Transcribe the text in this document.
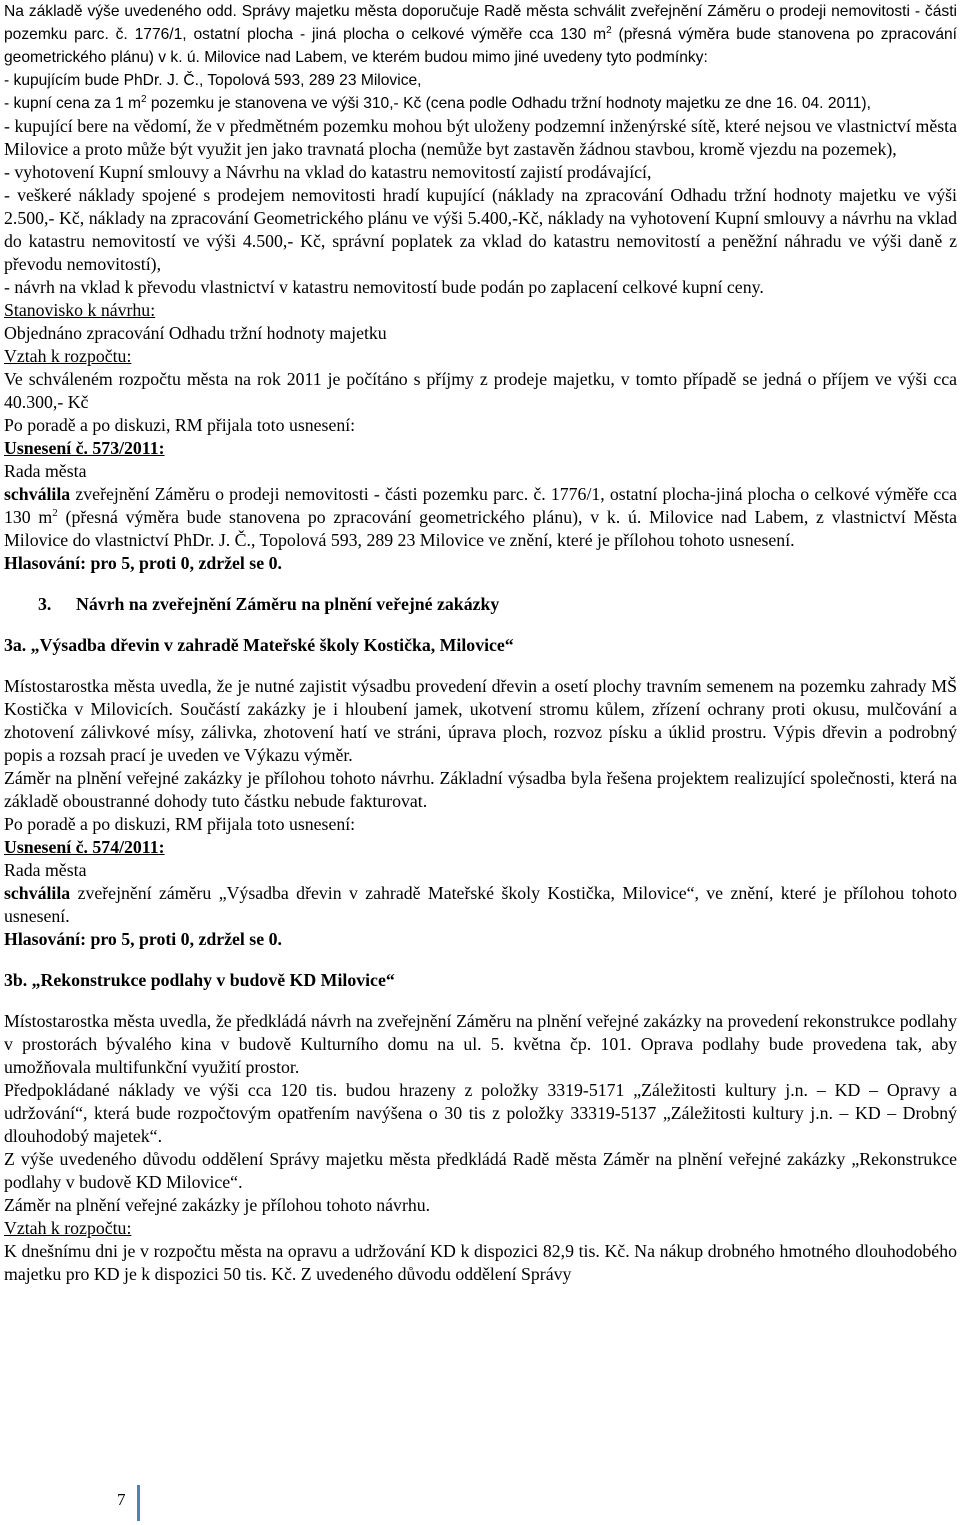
Na základě výše uvedeného odd. Správy majetku města doporučuje Radě města schválit zveřejnění Záměru o prodeji nemovitosti - části pozemku parc. č. 1776/1, ostatní plocha - jiná plocha o celkové výměře cca 130 $m^2$ (přesná výměra bude stanovena po zpracování geometrického plánu) v k. ú. Milovice nad Labem, ve kterém budou mimo jiné uvedeny tyto podmínky:

- kupujícím bude PhDr. J. Č., Topolová 593, 289 23 Milovice,

- kupní cena za 1 $m^2$ pozemku je stanovena ve výši 310,- Kč (cena podle Odhadu tržní hodnoty majetku ze dne 16. 04. 2011),

- kupující bere na vědomí, že v předmětném pozemku mohou být uloženy podzemní inženýrské sítě, které nejsou ve vlastnictví města Milovice a proto může být využit jen jako travnatá plocha (nemůže byt zastavěn žádnou stavbou, kromě vjezdu na pozemek),

- vyhotovení Kupní smlouvy a Návrhu na vklad do katastru nemovitostí zajistí prodávající,

- veškeré náklady spojené s prodejem nemovitosti hradí kupující (náklady na zpracování Odhadu tržní hodnoty majetku ve výši 2.500,- Kč, náklady na zpracování Geometrického plánu ve výši 5.400,-Kč, náklady na vyhotovení Kupní smlouvy a návrhu na vklad do katastru nemovitostí ve výši 4.500,- Kč, správní poplatek za vklad do katastru nemovitostí a peněžní náhradu ve výši daně z převodu nemovitostí),

- návrh na vklad k převodu vlastnictví v katastru nemovitostí bude podán po zaplacení celkové kupní ceny.

Stanovisko k návrhu:

Objednáno zpracování Odhadu tržní hodnoty majetku

Vztah k rozpočtu:

Ve schváleném rozpočtu města na rok 2011 je počítáno s příjmy z prodeje majetku, v tomto případě se jedná o příjem ve výši cca 40.300,- Kč

Po poradě a po diskuzi, RM přijala toto usnesení:

Usnesení č. 573/2011:

Rada města

schválila zveřejnění Záměru o prodeji nemovitosti - části pozemku parc. č. 1776/1, ostatní plocha-jiná plocha o celkové výměře cca 130 $m^2$ (přesná výměra bude stanovena po zpracování geometrického plánu), v k. ú. Milovice nad Labem, z vlastnictví Města Milovice do vlastnictví PhDr. J. Č., Topolová 593, 289 23 Milovice ve znění, které je přílohou tohoto usnesení.

Hlasování: pro 5, proti 0, zdržel se 0.

3. Návrh na zveřejnění Záměru na plnění veřejné zakázky

3a. „Výsadba dřevin v zahradě Mateřské školy Kostička, Milovice“

Místostarostka města uvedla, že je nutné zajistit výsadbu provedení dřevin a osetí plochy travním semenem na pozemku zahrady MŠ Kostička v Milovicích. Součástí zakázky je i hloubení jamek, ukotvení stromu kůlem, zřízení ochrany proti okusu, mulčování a zhotovení zálivkové mísy, zálivka, zhotovení hatí ve stráni, úprava ploch, rozvoz písku a úklid prostru. Výpis dřevin a podrobný popis a rozsah prací je uveden ve Výkazu výměr.

Záměr na plnění veřejné zakázky je přílohou tohoto návrhu. Základní výsadba byla řešena projektem realizující společnosti, která na základě oboustranné dohody tuto částku nebude fakturovat.

Po poradě a po diskuzi, RM přijala toto usnesení:

Usnesení č. 574/2011:

Rada města

schválila zveřejnění záměru „Výsadba dřevin v zahradě Mateřské školy Kostička, Milovice“, ve znění, které je přílohou tohoto usnesení.

Hlasování: pro 5, proti 0, zdržel se 0.

3b. „Rekonstrukce podlahy v budově KD Milovice“

Místostarostka města uvedla, že předkládá návrh na zveřejnění Záměru na plnění veřejné zakázky na provedení rekonstrukce podlahy v prostorách bývalého kina v budově Kulturního domu na ul. 5. května čp. 101. Oprava podlahy bude provedena tak, aby umožňovala multifunkční využití prostor.

Předpokládané náklady ve výši cca 120 tis. budou hrazeny z položky 3319-5171 „Záležitosti kultury j.n. – KD – Opravy a udržování“, která bude rozpočtovým opatřením navýšena o 30 tis z položky 33319-5137 „Záležitosti kultury j.n. – KD – Drobný dlouhodobý majetek“.

Z výše uvedeného důvodu oddělení Správy majetku města předkládá Radě města Záměr na plnění veřejné zakázky „Rekonstrukce podlahy v budově KD Milovice“.

Záměr na plnění veřejné zakázky je přílohou tohoto návrhu.

Vztah k rozpočtu:

K dnešnímu dni je v rozpočtu města na opravu a udržování KD k dispozici 82,9 tis. Kč. Na nákup drobného hmotného dlouhodobého majetku pro KD je k dispozici 50 tis. Kč. Z uvedeného důvodu oddělení Správy

7
